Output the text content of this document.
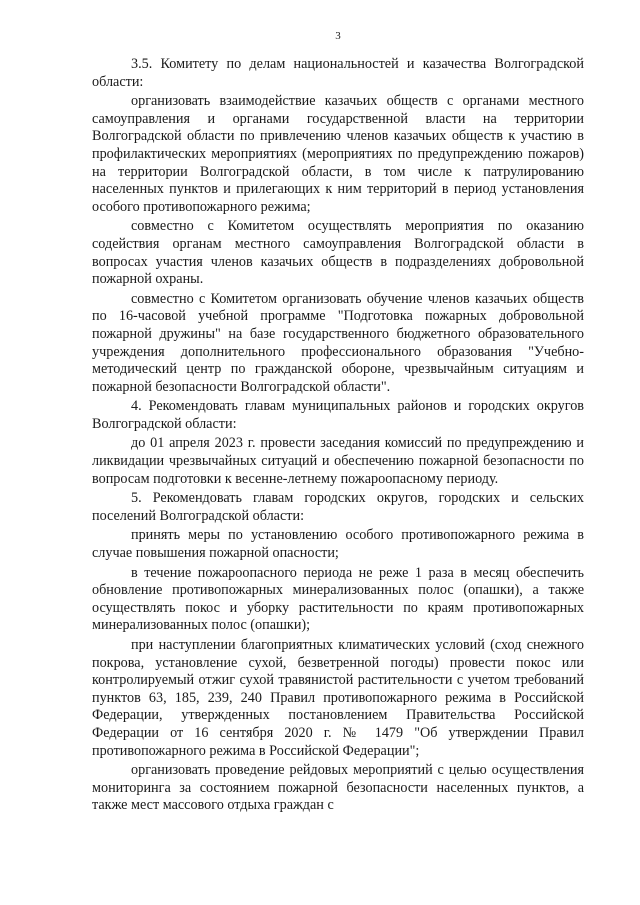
3

3.5. Комитету по делам национальностей и казачества Волгоградской области:

организовать взаимодействие казачьих обществ с органами местного самоуправления и органами государственной власти на территории Волгоградской области по привлечению членов казачьих обществ к участию в профилактических мероприятиях (мероприятиях по предупреждению пожаров) на территории Волгоградской области, в том числе к патрулированию населенных пунктов и прилегающих к ним территорий в период установления особого противопожарного режима;

совместно с Комитетом осуществлять мероприятия по оказанию содействия органам местного самоуправления Волгоградской области в вопросах участия членов казачьих обществ в подразделениях добровольной пожарной охраны.

совместно с Комитетом организовать обучение членов казачьих обществ по 16-часовой учебной программе "Подготовка пожарных добровольной пожарной дружины" на базе государственного бюджетного образовательного учреждения дополнительного профессионального образования "Учебно-методический центр по гражданской обороне, чрезвычайным ситуациям и пожарной безопасности Волгоградской области".

4. Рекомендовать главам муниципальных районов и городских округов Волгоградской области:

до 01 апреля 2023 г. провести заседания комиссий по предупреждению и ликвидации чрезвычайных ситуаций и обеспечению пожарной безопасности по вопросам подготовки к весенне-летнему пожароопасному периоду.

5. Рекомендовать главам городских округов, городских и сельских поселений Волгоградской области:

принять меры по установлению особого противопожарного режима в случае повышения пожарной опасности;

в течение пожароопасного периода не реже 1 раза в месяц обеспечить обновление противопожарных минерализованных полос (опашки), а также осуществлять покос и уборку растительности по краям противопожарных минерализованных полос (опашки);

при наступлении благоприятных климатических условий (сход снежного покрова, установление сухой, безветренной погоды) провести покос или контролируемый отжиг сухой травянистой растительности с учетом требований пунктов 63, 185, 239, 240 Правил противопожарного режима в Российской Федерации, утвержденных постановлением Правительства Российской Федерации от 16 сентября 2020 г. № 1479 "Об утверждении Правил противопожарного режима в Российской Федерации";

организовать проведение рейдовых мероприятий с целью осуществления мониторинга за состоянием пожарной безопасности населенных пунктов, а также мест массового отдыха граждан с
